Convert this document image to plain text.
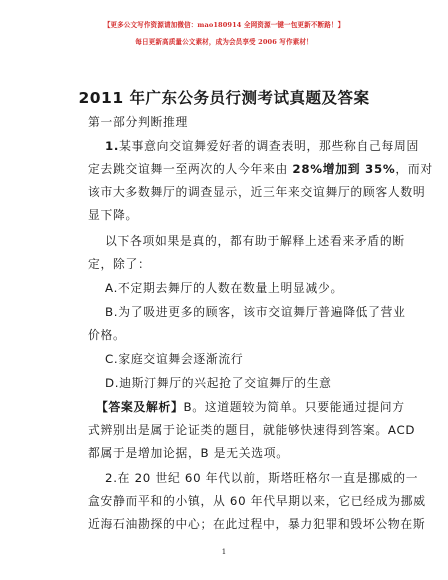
【更多公文写作资源请加微信：mao180914 全网资源一键一包更新不断路！】
每日更新高质量公文素材，成为会员享受 2006 写作素材！
2011 年广东公务员行测考试真题及答案
第一部分判断推理
1.某事意向交谊舞爱好者的调查表明，那些称自己每周固
定去跳交谊舞一至两次的人今年来由 28%增加到 35%，而对
该市大多数舞厅的调查显示，近三年来交谊舞厅的顾客人数明
显下降。
以下各项如果是真的，都有助于解释上述看来矛盾的断
定，除了：
A.不定期去舞厅的人数在数量上明显减少。
B.为了吸进更多的顾客，该市交谊舞厅普遍降低了营业
价格。
C.家庭交谊舞会逐渐流行
D.迪斯汀舞厅的兴起抢了交谊舞厅的生意
【答案及解析】B。这道题较为简单。只要能通过提问方
式辨别出是属于论证类的题目，就能够快速得到答案。ACD
都属于是增加论据，B 是无关选项。
2.在 20 世纪 60 年代以前，斯塔旺格尔一直是挪威的一
盒安静而平和的小镇，从 60 年代早期以来，它已经成为挪威
近海石油勘探的中心；在此过程中，暴力犯罪和毁坏公物在斯
1
